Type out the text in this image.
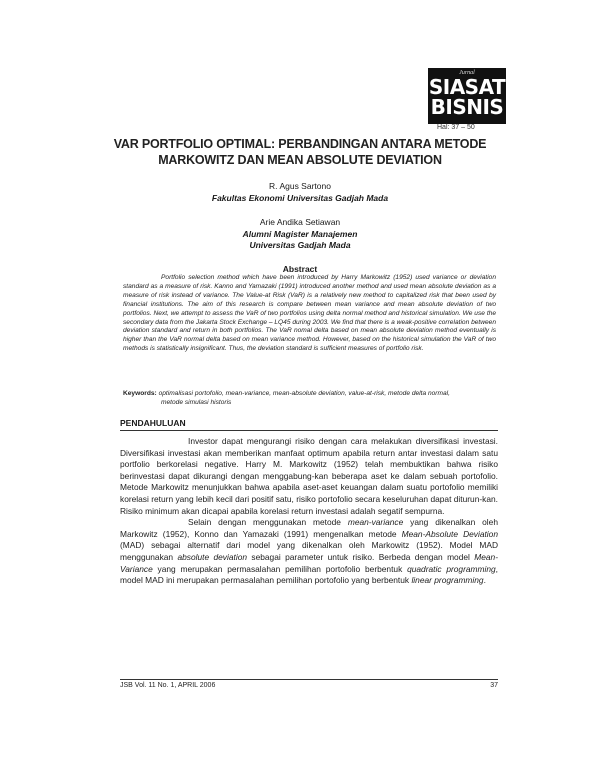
Jurnal
SIASAT
BISNIS
Hal: 37 – 50
VAR PORTFOLIO OPTIMAL: PERBANDINGAN ANTARA METODE
MARKOWITZ DAN MEAN ABSOLUTE DEVIATION
R. Agus Sartono
Fakultas Ekonomi Universitas Gadjah Mada
Arie Andika Setiawan
Alumni Magister Manajemen
Universitas Gadjah Mada
Abstract
Portfolio selection method which have been introduced by Harry Markowitz (1952) used variance or deviation standard as a measure of risk. Kanno and Yamazaki (1991) introduced another method and used mean absolute deviation as a measure of risk instead of variance. The Value-at Risk (VaR) is a relatively new method to capitalized risk that been used by financial institutions. The aim of this research is compare between mean variance and mean absolute deviation of two portfolios. Next, we attempt to assess the VaR of two portfolios using delta normal method and historical simulation. We use the secondary data from the Jakarta Stock Exchange – LQ45 during 2003. We find that there is a weak-positive correlation between deviation standard and return in both portfolios. The VaR nomal delta based on mean absolute deviation method eventually is higher than the VaR normal delta based on mean variance method. However, based on the historical simulation the VaR of two methods is statistically insignificant. Thus, the deviation standard is sufficient measures of portfolio risk.
Keywords: optimalisasi portofolio, mean-variance, mean-absolute deviation, value-at-risk, metode delta normal,
metode simulasi historis
PENDAHULUAN

Investor dapat mengurangi risiko dengan cara melakukan diversifikasi investasi. Diversifikasi investasi akan memberikan manfaat optimum apabila return antar investasi dalam satu portfolio berkorelasi negative. Harry M. Markowitz (1952) telah membuktikan bahwa risiko berinvestasi dapat dikurangi dengan menggabung-kan beberapa aset ke dalam sebuah portofolio. Metode Markowitz menunjukkan bahwa apabila aset-aset keuangan dalam suatu portofolio memiliki korelasi return yang lebih kecil dari positif satu, risiko portofolio secara keseluruhan dapat diturun-kan. Risiko minimum akan dicapai apabila korelasi return investasi adalah segatif sempurna.

Selain dengan menggunakan metode mean-variance yang dikenalkan oleh Markowitz (1952), Konno dan Yamazaki (1991) mengenalkan metode Mean-Absolute Deviation (MAD) sebagai alternatif dari model yang dikenalkan oleh Markowitz (1952). Model MAD menggunakan absolute deviation sebagai parameter untuk risiko. Berbeda dengan model Mean-Variance yang merupakan permasalahan pemilihan portofolio berbentuk quadratic programming, model MAD ini merupakan permasalahan pemilihan portofolio yang berbentuk linear programming.

JSB Vol. 11 No. 1, APRIL 2006	37
